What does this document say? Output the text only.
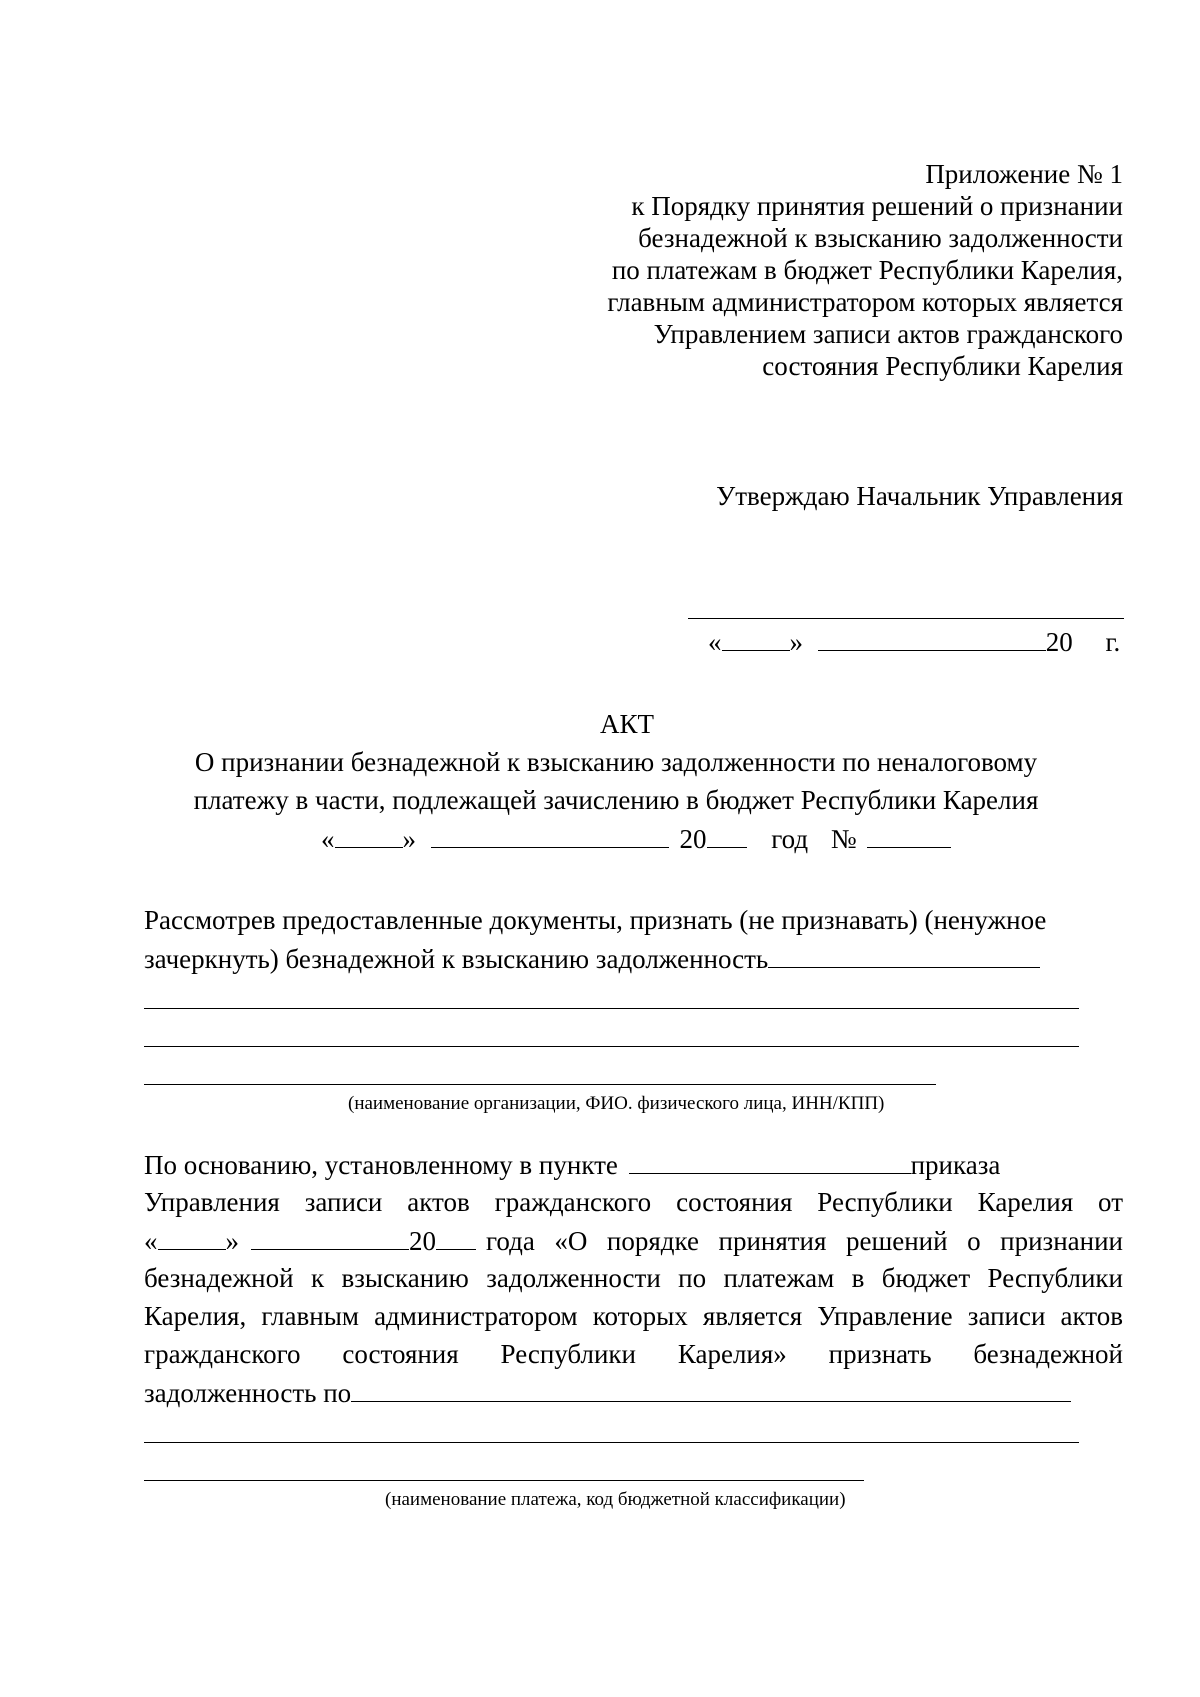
Приложение № 1
к Порядку принятия решений о признании
безнадежной к взысканию задолженности
по платежам в бюджет Республики Карелия,
главным администратором которых является
Управлением записи актов гражданского
состояния Республики Карелия
Утверждаю Начальник Управления
«	»	20 г.
АКТ
О признании безнадежной к взысканию задолженности по неналоговому
платежу в части, подлежащей зачислению в бюджет Республики Карелия
«	»	20 год №
Рассмотрев предоставленные документы, признать (не признавать) (ненужное
зачеркнуть) безнадежной к взысканию задолженность
(наименование организации, ФИО. физического лица, ИНН/КПП)
По основанию, установленному в пункте	приказа
Управления записи актов гражданского состояния Республики Карелия от
«	»	20 года «О порядке принятия решений о признании
безнадежной к взысканию задолженности по платежам в бюджет Республики
Карелия, главным администратором которых является Управление записи актов
гражданского состояния Республики Карелия» признать безнадежной
задолженность по
(наименование платежа, код бюджетной классификации)
